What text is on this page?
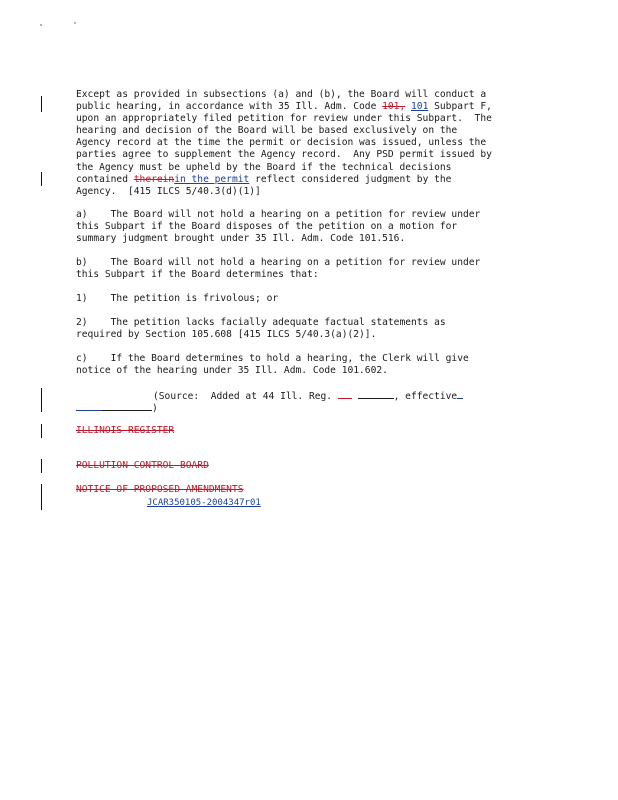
Except as provided in subsections (a) and (b), the Board will conduct a
public hearing, in accordance with 35 Ill. Adm. Code 101, 101 Subpart F,
upon an appropriately filed petition for review under this Subpart.  The
hearing and decision of the Board will be based exclusively on the
Agency record at the time the permit or decision was issued, unless the
parties agree to supplement the Agency record.  Any PSD permit issued by
the Agency must be upheld by the Board if the technical decisions
contained thereinin the permit reflect considered judgment by the
Agency.  [415 ILCS 5/40.3(d)(1)]
a)    The Board will not hold a hearing on a petition for review under
this Subpart if the Board disposes of the petition on a motion for
summary judgment brought under 35 Ill. Adm. Code 101.516.
b)    The Board will not hold a hearing on a petition for review under
this Subpart if the Board determines that:
1)    The petition is frivolous; or
2)    The petition lacks facially adequate factual statements as
required by Section 105.608 [415 ILCS 5/40.3(a)(2)].
c)    If the Board determines to hold a hearing, the Clerk will give
notice of the hearing under 35 Ill. Adm. Code 101.602.
(Source:  Added at 44 Ill. Reg.	, effective
)
ILLINOIS REGISTER
POLLUTION CONTROL BOARD
NOTICE OF PROPOSED AMENDMENTS
JCAR350105-2004347r01
